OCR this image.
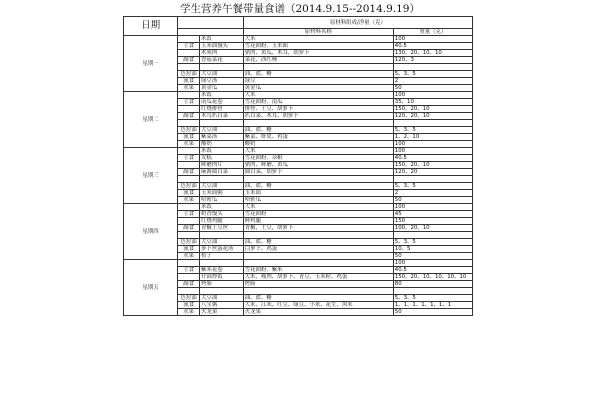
学生营养午餐带量食谱（2014.9.15--2014.9.19）
日期			原材料组成/净量（克）	
			原材料名称	重量（克）
星期一		米饭	大米	100
	主食	玉米面馒头	雪花面粉、玉米面	40.5
		木须肉	猪肉、黄瓜、木耳，胡萝卜	130、20、10、10
	副食	香菇菜花	菜花、西红柿	120、3

	色拉油	大豆油	油、盐、糖	5、3、5
	流食	绿豆汤	绿豆	2
	水果	黄金瓜	黄金瓜	50
星期二		米饭	大米	100
	主食	南瓜花卷	雪花面粉、南瓜	35、10
		红烧排骨	排骨、土豆、胡萝卜	150、20、10
	副食	木耳扒白菜	扒白菜、木耳、胡萝卜	120、20、10

	色拉油	大豆油	油、盐、糖	5、3、5
	流食	紫菜汤	紫菜、虾皮、鸡蛋	1、2、10
	水果	酸奶	酸奶	100
星期三		米饭	大米	100
	主食	发糕	雪花面粉、杂粮	40.5
		鲜蘑肉片	猪肉、鲜蘑、黄瓜	150、20、10
	副食	麻酱圆白菜	圆白菜，胡萝卜	120、20

	色拉油	大豆油	油、盐、糖	5、3、5
	流食	玉米面粥	玉米面	2
	水果	哈密瓜	哈密瓜	50
星期四		米饭	大米	100
	主食	奶香馒头	雪花面粉	45
		红烧鸡腿	鲜鸡腿	150
	副食	青椒土豆丝	青椒，土豆，胡萝卜	100、20、10

	色拉油	大豆油	油、盐、糖	5、3、5
	流食	萝卜丝蛋花汤	白萝卜、鸡蛋	10、5
	水果	桔子		50
星期五				100
	主食	紫米花卷	雪花面粉、紫米	40.5
		什锦炒饭	大米、瘦肉、胡萝卜、青豆、玉米粒、鸡蛋	150、20、10、10、10、10
	副食	烤肠	烤肠	80

	色拉油	大豆油	油、盐、糖	5、3、5
	流食	八宝粥	大米、江米、红豆、绿豆、小米、花生、黑米	1、1、1、1、1、1、1
	水果	火龙果	火龙果	50
